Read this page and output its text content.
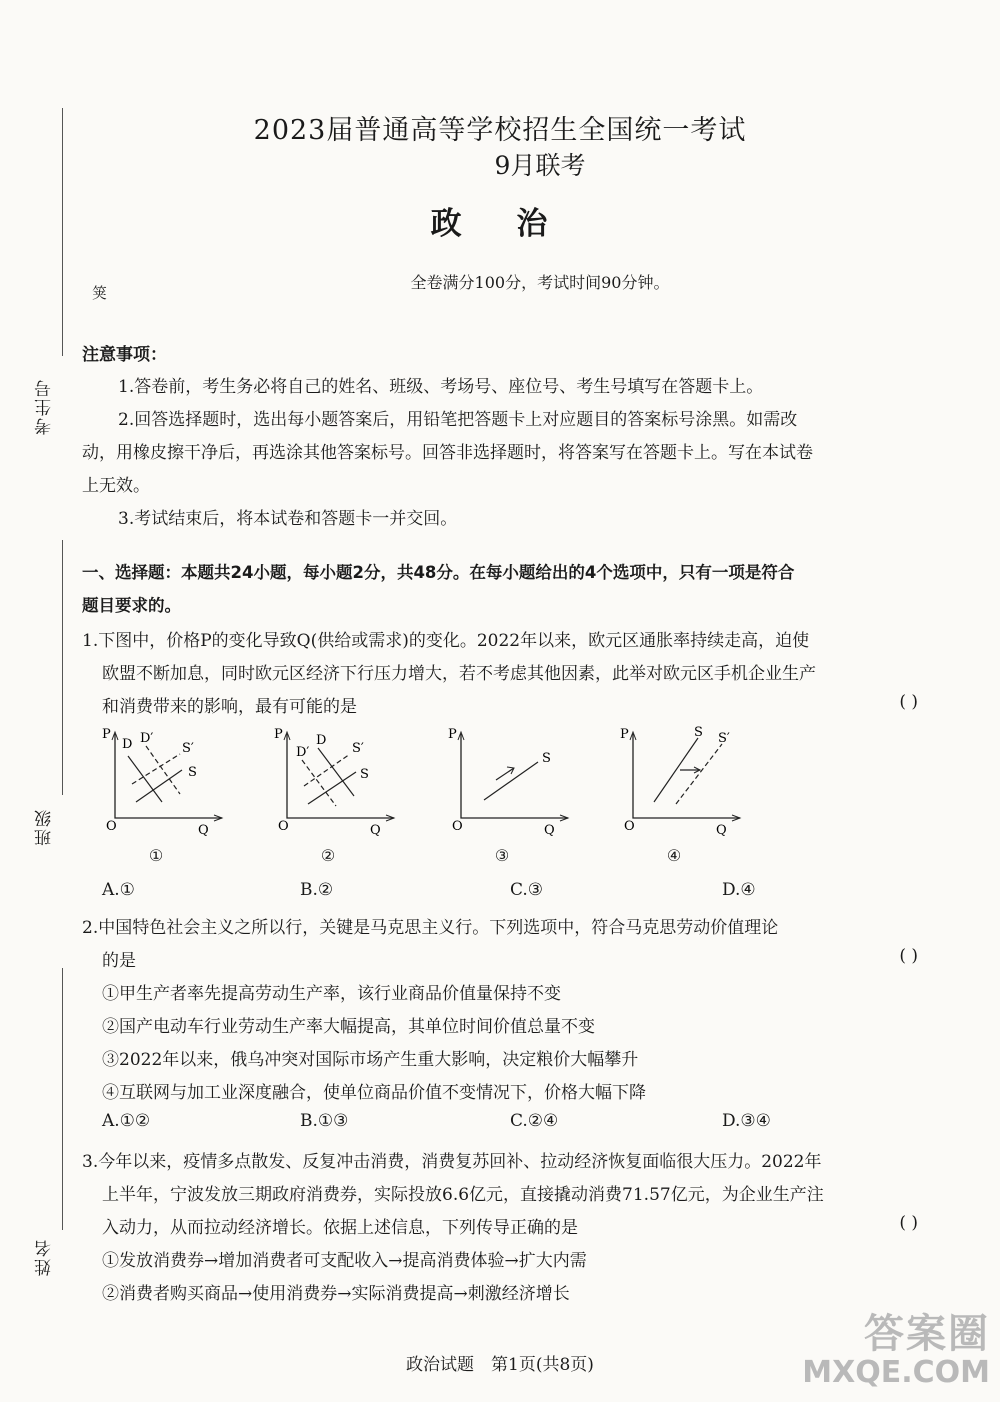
考生号
班级
姓名
䇲
2023届普通高等学校招生全国统一考试
9月联考
政 治
全卷满分100分，考试时间90分钟。
注意事项：
1.答卷前，考生务必将自己的姓名、班级、考场号、座位号、考生号填写在答题卡上。
2.回答选择题时，选出每小题答案后，用铅笔把答题卡上对应题目的答案标号涂黑。如需改
动，用橡皮擦干净后，再选涂其他答案标号。回答非选择题时，将答案写在答题卡上。写在本试卷
上无效。
3.考试结束后，将本试卷和答题卡一并交回。
一、选择题：本题共24小题，每小题2分，共48分。在每小题给出的4个选项中，只有一项是符合
题目要求的。
1.下图中，价格P的变化导致Q(供给或需求)的变化。2022年以来，欧元区通胀率持续走高，迫使
欧盟不断加息，同时欧元区经济下行压力增大，若不考虑其他因素，此举对欧元区手机企业生产
和消费带来的影响，最有可能的是	( )
P
Q
O
D D′
S′
S
①
P
Q
O
D′
D
S′
S
②
P
Q
O
S
③
P
Q
O
S S′
④
A.①	B.②	C.③	D.④
2.中国特色社会主义之所以行，关键是马克思主义行。下列选项中，符合马克思劳动价值理论
的是	( )
①甲生产者率先提高劳动生产率，该行业商品价值量保持不变
②国产电动车行业劳动生产率大幅提高，其单位时间价值总量不变
③2022年以来，俄乌冲突对国际市场产生重大影响，决定粮价大幅攀升
④互联网与加工业深度融合，使单位商品价值不变情况下，价格大幅下降
A.①②	B.①③	C.②④	D.③④
3.今年以来，疫情多点散发、反复冲击消费，消费复苏回补、拉动经济恢复面临很大压力。2022年
上半年，宁波发放三期政府消费券，实际投放6.6亿元，直接撬动消费71.57亿元，为企业生产注
入动力，从而拉动经济增长。依据上述信息，下列传导正确的是	( )
①发放消费券→增加消费者可支配收入→提高消费体验→扩大内需
②消费者购买商品→使用消费券→实际消费提高→刺激经济增长
政治试题　第1页(共8页)
答案圈
MXQE.COM
